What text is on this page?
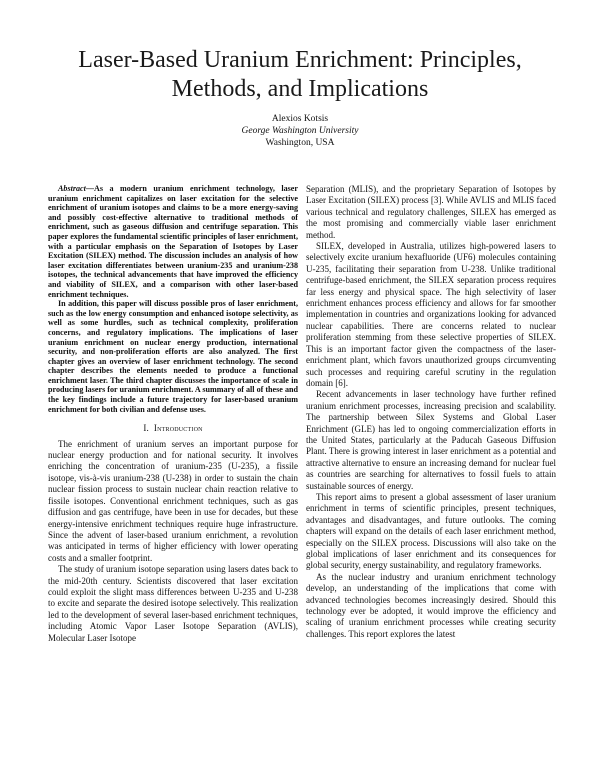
Laser-Based Uranium Enrichment: Principles,
Methods, and Implications
Alexios Kotsis
George Washington University
Washington, USA

Abstract—As a modern uranium enrichment technology, laser uranium enrichment capitalizes on laser excitation for the selective enrichment of uranium isotopes and claims to be a more energy-saving and possibly cost-effective alternative to traditional methods of enrichment, such as gaseous diffusion and centrifuge separation. This paper explores the fundamental scientific principles of laser enrichment, with a particular emphasis on the Separation of Isotopes by Laser Excitation (SILEX) method. The discussion includes an analysis of how laser excitation differentiates between uranium-235 and uranium-238 isotopes, the technical advancements that have improved the efficiency and viability of SILEX, and a comparison with other laser-based enrichment techniques.

In addition, this paper will discuss possible pros of laser enrichment, such as the low energy consumption and enhanced isotope selectivity, as well as some hurdles, such as technical complexity, proliferation concerns, and regulatory implications. The implications of laser uranium enrichment on nuclear energy production, international security, and non-proliferation efforts are also analyzed. The first chapter gives an overview of laser enrichment technology. The second chapter describes the elements needed to produce a functional enrichment laser. The third chapter discusses the importance of scale in producing lasers for uranium enrichment. A summary of all of these and the key findings include a future trajectory for laser-based uranium enrichment for both civilian and defense uses.

I. Introduction

The enrichment of uranium serves an important purpose for nuclear energy production and for national security. It involves enriching the concentration of uranium-235 (U-235), a fissile isotope, vis-à-vis uranium-238 (U-238) in order to sustain the chain nuclear fission process to sustain nuclear chain reaction relative to fissile isotopes. Conventional enrichment techniques, such as gas diffusion and gas centrifuge, have been in use for decades, but these energy-intensive enrichment techniques require huge infrastructure. Since the advent of laser-based uranium enrichment, a revolution was anticipated in terms of higher efficiency with lower operating costs and a smaller footprint.

The study of uranium isotope separation using lasers dates back to the mid-20th century. Scientists discovered that laser excitation could exploit the slight mass differences between U-235 and U-238 to excite and separate the desired isotope selectively. This realization led to the development of several laser-based enrichment techniques, including Atomic Vapor Laser Isotope Separation (AVLIS), Molecular Laser Isotope

Separation (MLIS), and the proprietary Separation of Isotopes by Laser Excitation (SILEX) process [3]. While AVLIS and MLIS faced various technical and regulatory challenges, SILEX has emerged as the most promising and commercially viable laser enrichment method.

SILEX, developed in Australia, utilizes high-powered lasers to selectively excite uranium hexafluoride (UF6) molecules containing U-235, facilitating their separation from U-238. Unlike traditional centrifuge-based enrichment, the SILEX separation process requires far less energy and physical space. The high selectivity of laser enrichment enhances process efficiency and allows for far smoother implementation in countries and organizations looking for advanced nuclear capabilities. There are concerns related to nuclear proliferation stemming from these selective properties of SILEX. This is an important factor given the compactness of the laser-enrichment plant, which favors unauthorized groups circumventing such processes and requiring careful scrutiny in the regulation domain [6].

Recent advancements in laser technology have further refined uranium enrichment processes, increasing precision and scalability. The partnership between Silex Systems and Global Laser Enrichment (GLE) has led to ongoing commercialization efforts in the United States, particularly at the Paducah Gaseous Diffusion Plant. There is growing interest in laser enrichment as a potential and attractive alternative to ensure an increasing demand for nuclear fuel as countries are searching for alternatives to fossil fuels to attain sustainable sources of energy.

This report aims to present a global assessment of laser uranium enrichment in terms of scientific principles, present techniques, advantages and disadvantages, and future outlooks. The coming chapters will expand on the details of each laser enrichment method, especially on the SILEX process. Discussions will also take on the global implications of laser enrichment and its consequences for global security, energy sustainability, and regulatory frameworks.

As the nuclear industry and uranium enrichment technology develop, an understanding of the implications that come with advanced technologies becomes increasingly desired. Should this technology ever be adopted, it would improve the efficiency and scaling of uranium enrichment processes while creating security challenges. This report explores the latest
